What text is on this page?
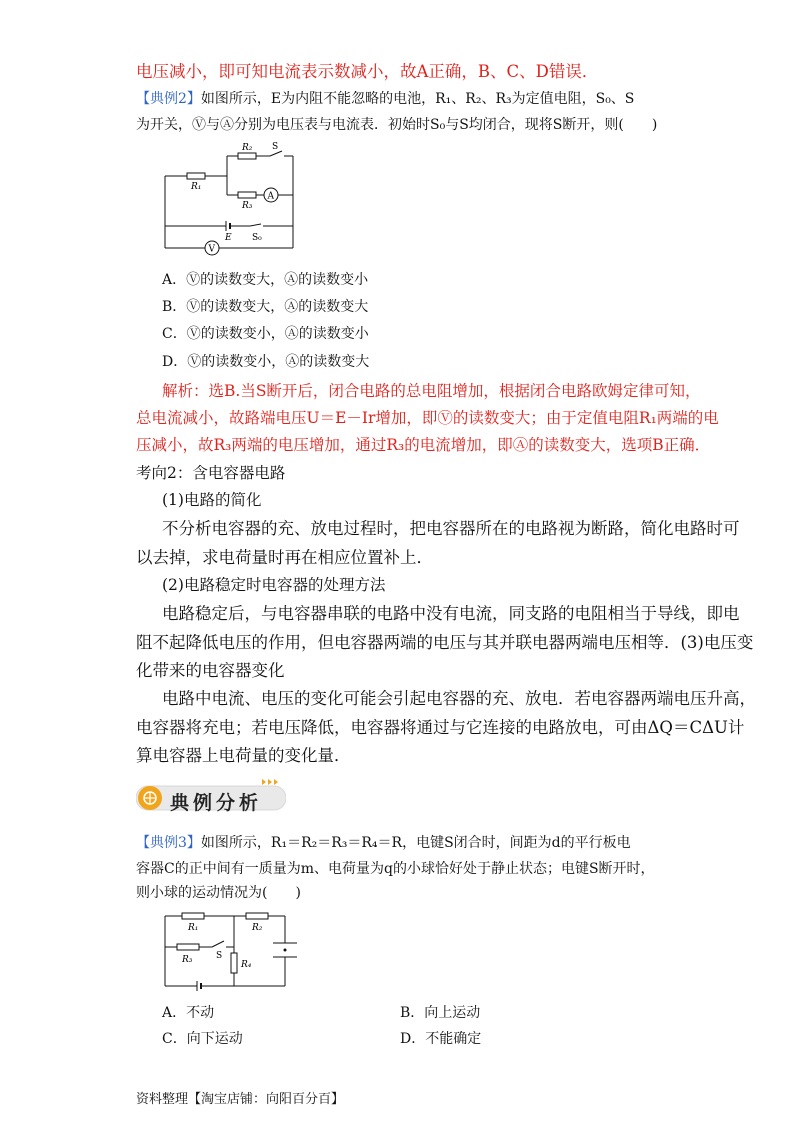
电压减小，即可知电流表示数减小，故A正确，B、C、D错误．
【典例2】如图所示，E为内阻不能忽略的电池，R₁、R₂、R₃为定值电阻，S₀、S
为开关，Ⓥ与Ⓐ分别为电压表与电流表．初始时S₀与S均闭合，现将S断开，则(　　)
R₂ S
R₁
R₃
A
E S₀
V
A．Ⓥ的读数变大，Ⓐ的读数变小
B．Ⓥ的读数变大，Ⓐ的读数变大
C．Ⓥ的读数变小，Ⓐ的读数变小
D．Ⓥ的读数变小，Ⓐ的读数变大
解析：选B.当S断开后，闭合电路的总电阻增加，根据闭合电路欧姆定律可知，
总电流减小，故路端电压U＝E－Ir增加，即Ⓥ的读数变大；由于定值电阻R₁两端的电
压减小，故R₃两端的电压增加，通过R₃的电流增加，即Ⓐ的读数变大，选项B正确．
考向2：含电容器电路
(1)电路的简化
不分析电容器的充、放电过程时，把电容器所在的电路视为断路，简化电路时可
以去掉，求电荷量时再在相应位置补上．
(2)电路稳定时电容器的处理方法
电路稳定后，与电容器串联的电路中没有电流，同支路的电阻相当于导线，即电
阻不起降低电压的作用，但电容器两端的电压与其并联电器两端电压相等．(3)电压变
化带来的电容器变化
电路中电流、电压的变化可能会引起电容器的充、放电．若电容器两端电压升高，
电容器将充电；若电压降低，电容器将通过与它连接的电路放电，可由ΔQ＝CΔU计
算电容器上电荷量的变化量．
典例分析
【典例3】如图所示，R₁＝R₂＝R₃＝R₄＝R，电键S闭合时，间距为d的平行板电
容器C的正中间有一质量为m、电荷量为q的小球恰好处于静止状态；电键S断开时，
则小球的运动情况为(　　)
R₁	R₂
R₃	S
R₄
A．不动	B．向上运动
C．向下运动	D．不能确定
资料整理【淘宝店铺：向阳百分百】
